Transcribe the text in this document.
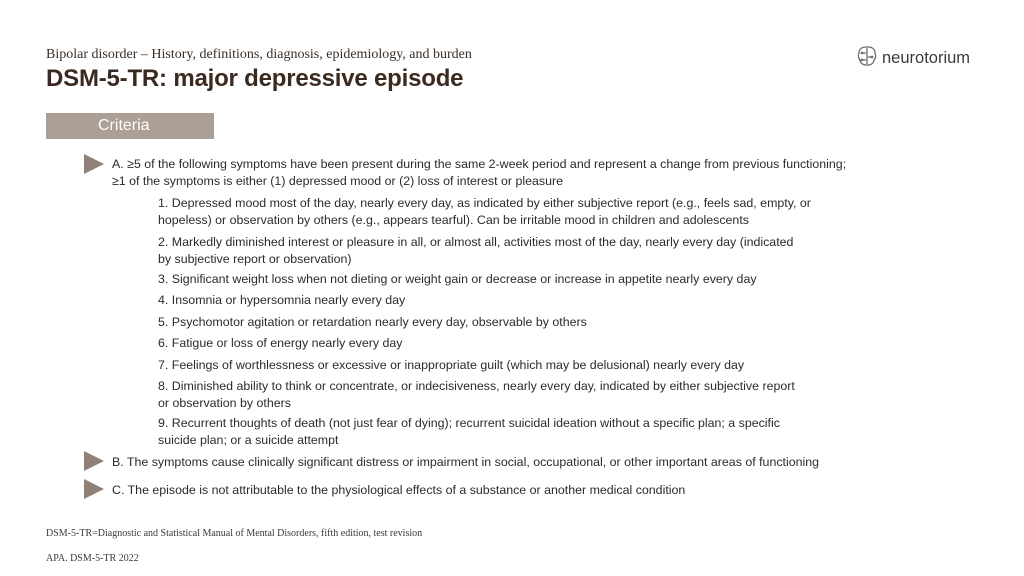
Bipolar disorder – History, definitions, diagnosis, epidemiology, and burden
DSM-5-TR: major depressive episode
neurotorium
Criteria
A. ≥5 of the following symptoms have been present during the same 2-week period and represent a change from previous functioning;
≥1 of the symptoms is either (1) depressed mood or (2) loss of interest or pleasure
1. Depressed mood most of the day, nearly every day, as indicated by either subjective report (e.g., feels sad, empty, or
hopeless) or observation by others (e.g., appears tearful). Can be irritable mood in children and adolescents
2. Markedly diminished interest or pleasure in all, or almost all, activities most of the day, nearly every day (indicated
by subjective report or observation)
3. Significant weight loss when not dieting or weight gain or decrease or increase in appetite nearly every day
4. Insomnia or hypersomnia nearly every day
5. Psychomotor agitation or retardation nearly every day, observable by others
6. Fatigue or loss of energy nearly every day
7. Feelings of worthlessness or excessive or inappropriate guilt (which may be delusional) nearly every day
8. Diminished ability to think or concentrate, or indecisiveness, nearly every day, indicated by either subjective report
or observation by others
9. Recurrent thoughts of death (not just fear of dying); recurrent suicidal ideation without a specific plan; a specific
suicide plan; or a suicide attempt
B. The symptoms cause clinically significant distress or impairment in social, occupational, or other important areas of functioning
C. The episode is not attributable to the physiological effects of a substance or another medical condition
DSM-5-TR=Diagnostic and Statistical Manual of Mental Disorders, fifth edition, test revision
APA. DSM-5-TR 2022
